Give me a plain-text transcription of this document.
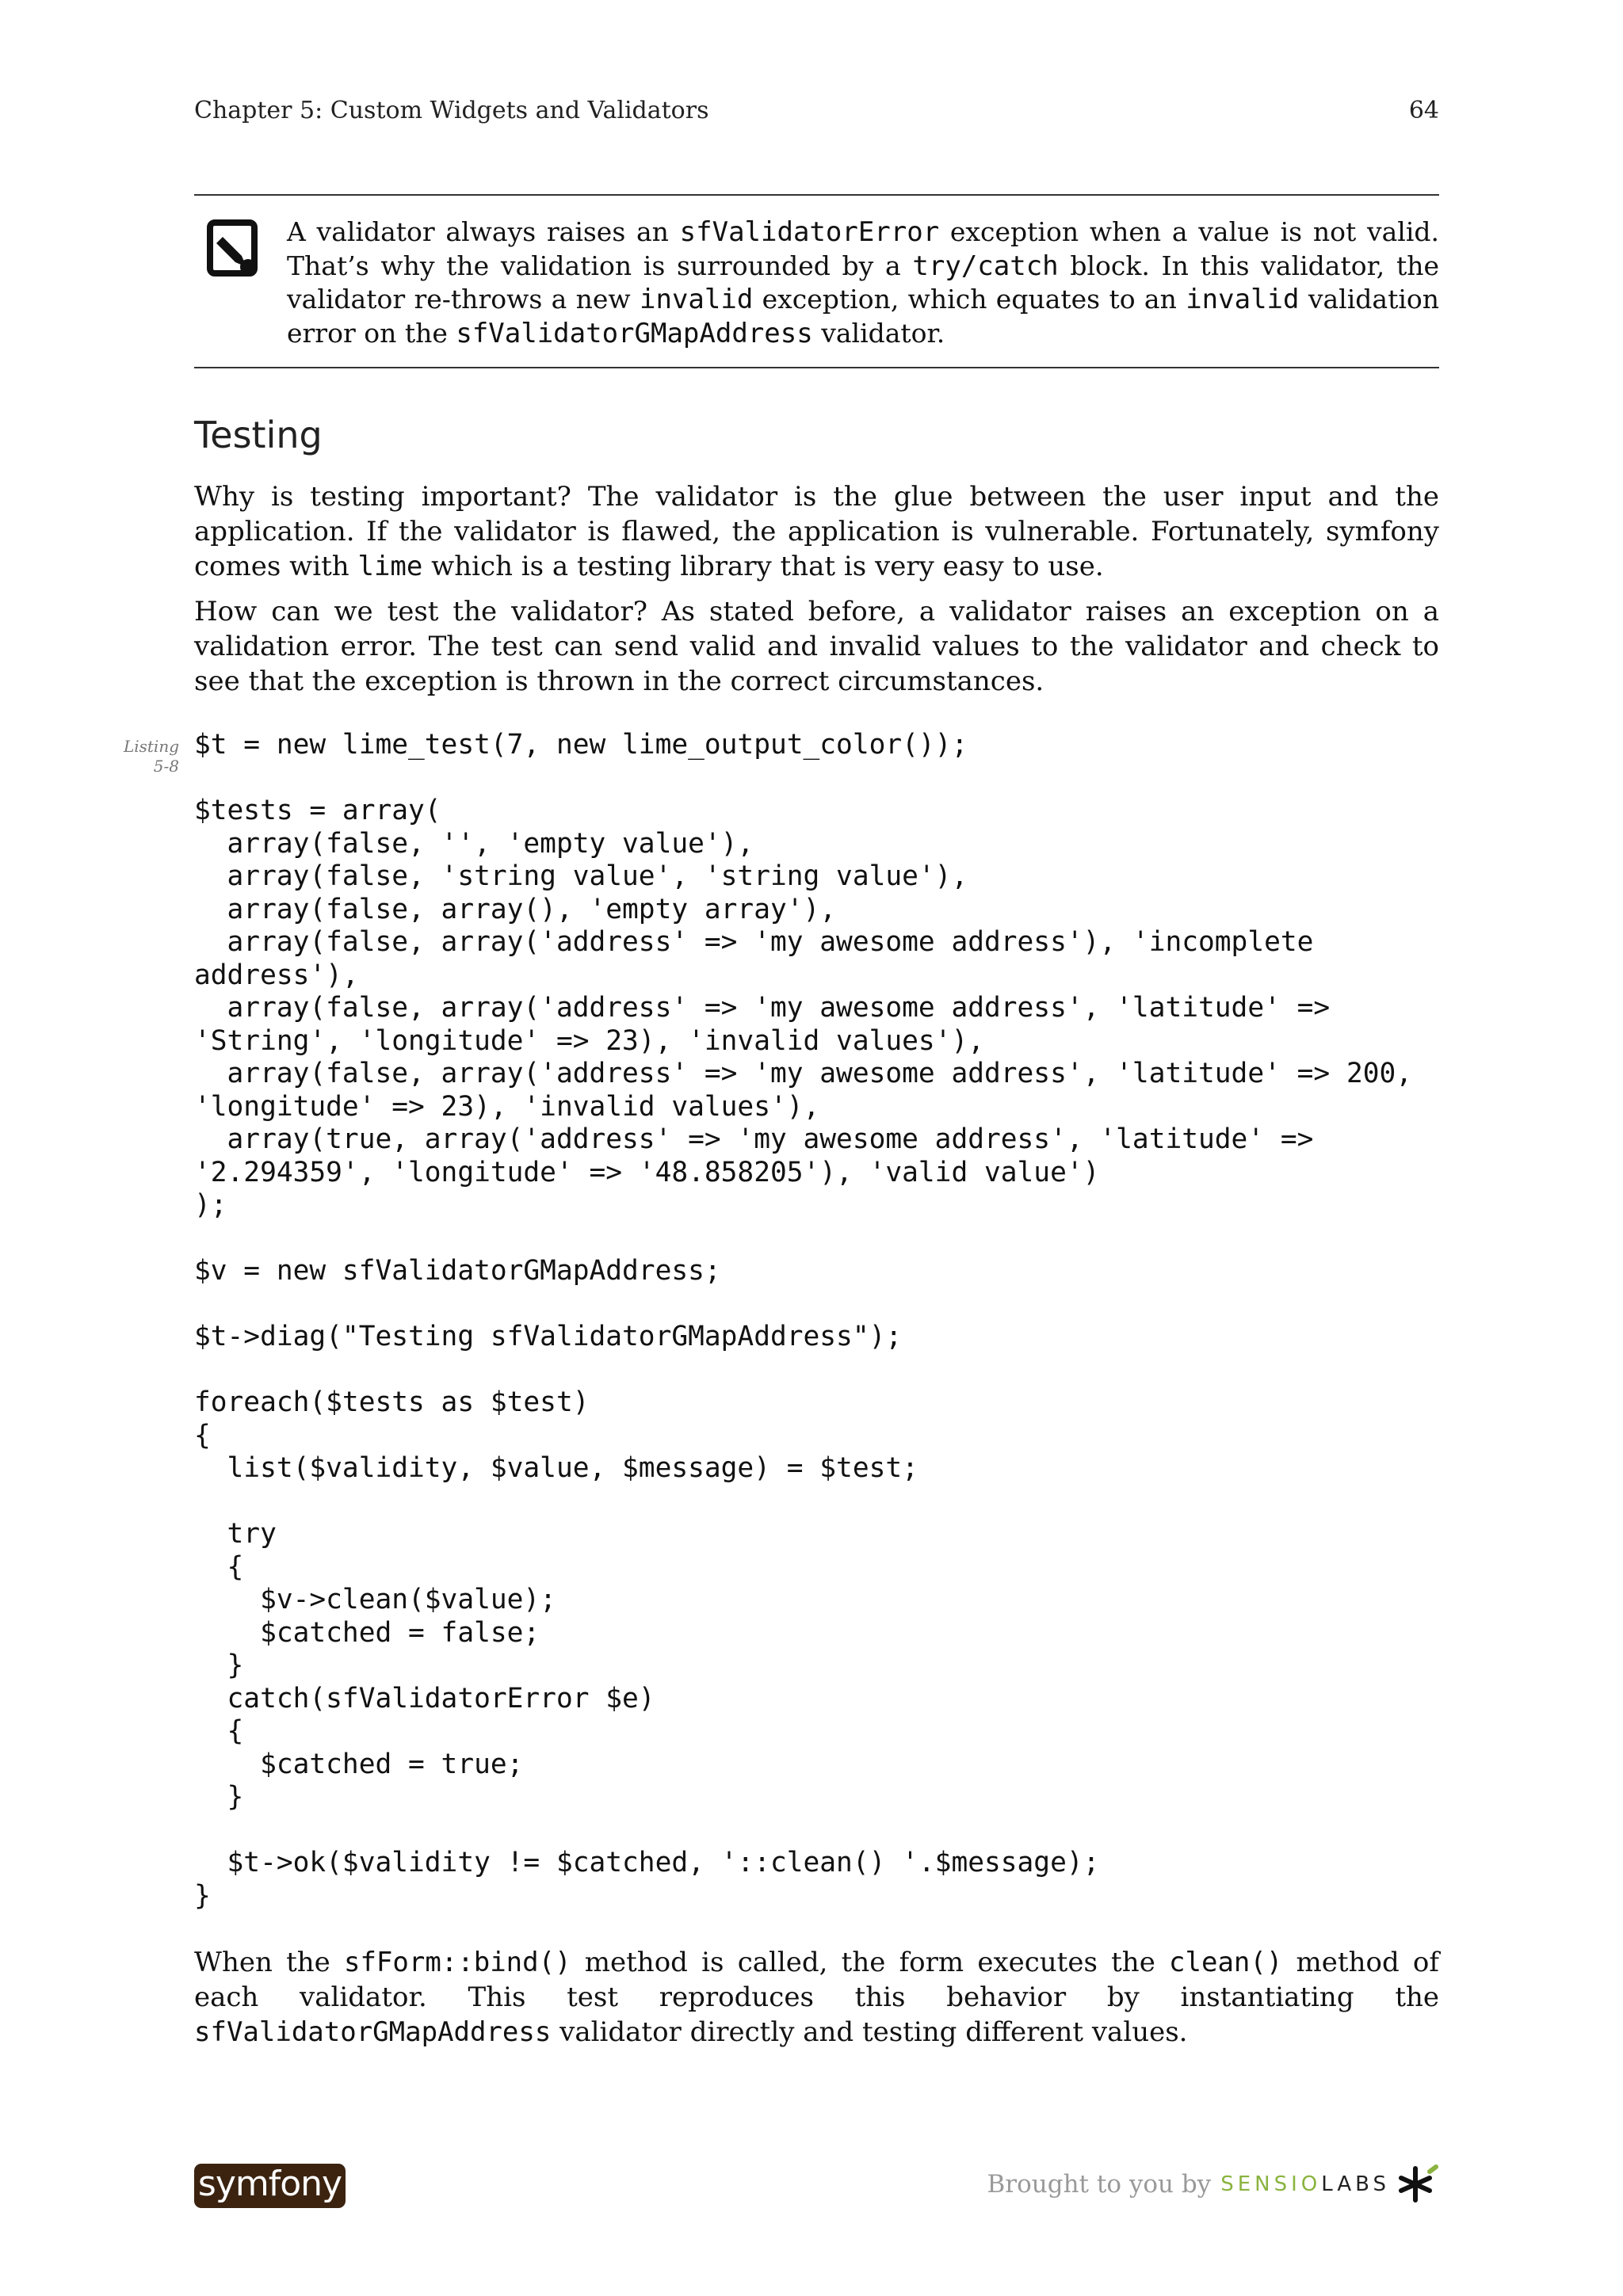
Chapter 5: Custom Widgets and Validators	64
A validator always raises an sfValidatorError exception when a value is not valid. That’s why the validation is surrounded by a try/catch block. In this validator, the validator re-throws a new invalid exception, which equates to an invalid validation error on the sfValidatorGMapAddress validator.
Testing
Why is testing important? The validator is the glue between the user input and the application. If the validator is flawed, the application is vulnerable. Fortunately, symfony comes with lime which is a testing library that is very easy to use.
How can we test the validator? As stated before, a validator raises an exception on a validation error. The test can send valid and invalid values to the validator and check to see that the exception is thrown in the correct circumstances.
Listing
5-8
$t = new lime_test(7, new lime_output_color());

$tests = array(
array(false, '', 'empty value'),
array(false, 'string value', 'string value'),
array(false, array(), 'empty array'),
array(false, array('address' => 'my awesome address'), 'incomplete
address'),
array(false, array('address' => 'my awesome address', 'latitude' =>
'String', 'longitude' => 23), 'invalid values'),
array(false, array('address' => 'my awesome address', 'latitude' => 200,
'longitude' => 23), 'invalid values'),
array(true, array('address' => 'my awesome address', 'latitude' =>
'2.294359', 'longitude' => '48.858205'), 'valid value')
);

$v = new sfValidatorGMapAddress;

$t->diag("Testing sfValidatorGMapAddress");

foreach($tests as $test)
{
list($validity, $value, $message) = $test;

try
{
$v->clean($value);
$catched = false;
}
catch(sfValidatorError $e)
{
$catched = true;
}

$t->ok($validity != $catched, '::clean() '.$message);
}
When the sfForm::bind() method is called, the form executes the clean() method of each validator. This test reproduces this behavior by instantiating the sfValidatorGMapAddress validator directly and testing different values.
symfony	Brought to you by SENSIO LABS
